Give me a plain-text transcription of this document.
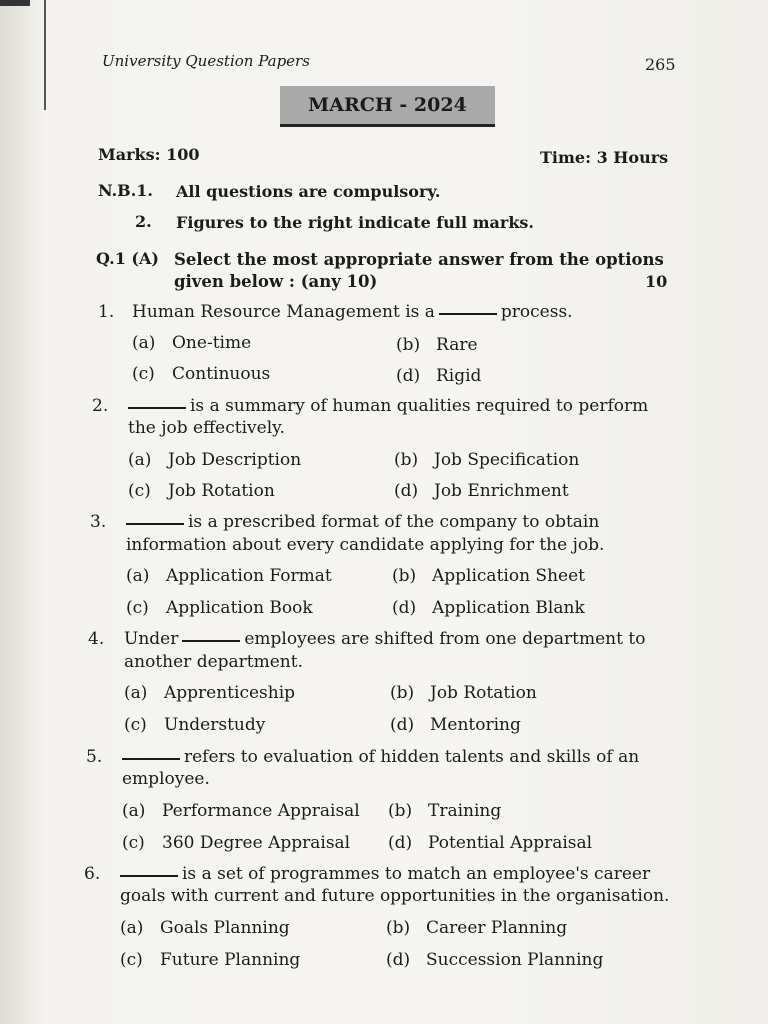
University Question Papers	265
MARCH - 2024
Marks: 100	Time: 3 Hours
N.B.1. All questions are compulsory.
2. Figures to the right indicate full marks.
Q.1 (A) Select the most appropriate answer from the options
given below : (any 10)	10
1. Human Resource Management is a	process.
(a) One-time	(b) Rare
(c) Continuous	(d) Rigid
2.	is a summary of human qualities required to perform
the job effectively.
(a) Job Description	(b) Job Specification
(c) Job Rotation	(d) Job Enrichment
3.	is a prescribed format of the company to obtain
information about every candidate applying for the job.
(a) Application Format	(b) Application Sheet
(c) Application Book	(d) Application Blank
4. Under	employees are shifted from one department to
another department.
(a) Apprenticeship	(b) Job Rotation
(c) Understudy	(d) Mentoring
5.	refers to evaluation of hidden talents and skills of an
employee.
(a) Performance Appraisal (b) Training
(c) 360 Degree Appraisal (d) Potential Appraisal
6.	is a set of programmes to match an employee's career
goals with current and future opportunities in the organisation.
(a) Goals Planning	(b) Career Planning
(c) Future Planning	(d) Succession Planning
